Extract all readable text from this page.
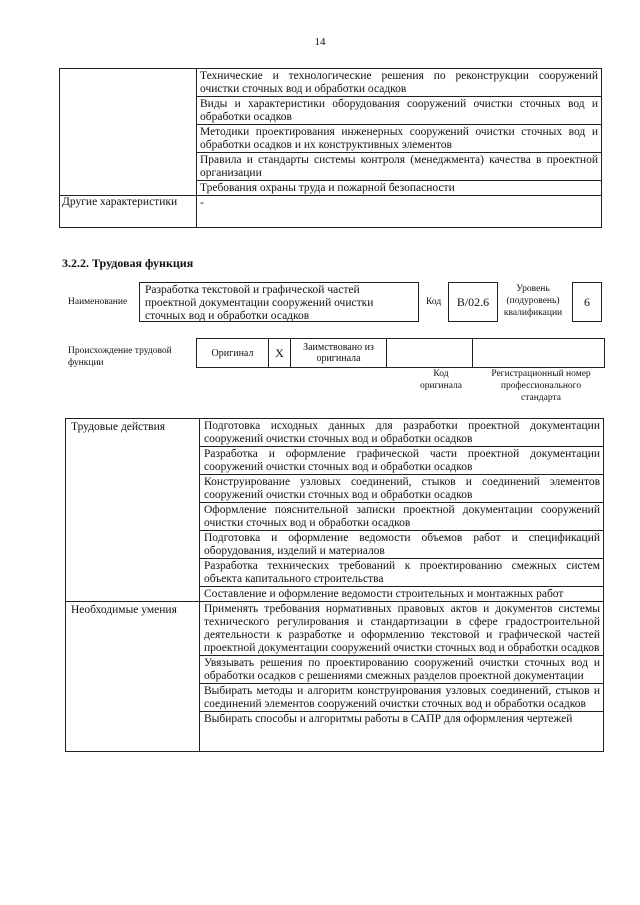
14
	Технические и технологические решения по реконструкции сооружений очистки сточных вод и обработки осадков
	Виды и характеристики оборудования сооружений очистки сточных вод и обработки осадков
	Методики проектирования инженерных сооружений очистки сточных вод и обработки осадков и их конструктивных элементов
	Правила и стандарты системы контроля (менеджмента) качества в проектной организации
	Требования охраны труда и пожарной безопасности
Другие характеристики	-
3.2.2. Трудовая функция
Наименование
Разработка текстовой и графической частей проектной документации сооружений очистки сточных вод и обработки осадков
Код B/02.6
Уровень (подуровень) квалификации
6
Происхождение трудовой функции
Оригинал	X	Заимствовано из оригинала		
Код оригинала
Регистрационный номер профессионального стандарта
Трудовые действия	Подготовка исходных данных для разработки проектной документации сооружений очистки сточных вод и обработки осадков
	Разработка и оформление графической части проектной документации сооружений очистки сточных вод и обработки осадков
	Конструирование узловых соединений, стыков и соединений элементов сооружений очистки сточных вод и обработки осадков
	Оформление пояснительной записки проектной документации сооружений очистки сточных вод и обработки осадков
	Подготовка и оформление ведомости объемов работ и спецификаций оборудования, изделий и материалов
	Разработка технических требований к проектированию смежных систем объекта капитального строительства
	Составление и оформление ведомости строительных и монтажных работ
Необходимые умения	Применять требования нормативных правовых актов и документов системы технического регулирования и стандартизации в сфере градостроительной деятельности к разработке и оформлению текстовой и графической частей проектной документации сооружений очистки сточных вод и обработки осадков
	Увязывать решения по проектированию сооружений очистки сточных вод и обработки осадков с решениями смежных разделов проектной документации
	Выбирать методы и алгоритм конструирования узловых соединений, стыков и соединений элементов сооружений очистки сточных вод и обработки осадков
	Выбирать способы и алгоритмы работы в САПР для оформления чертежей
